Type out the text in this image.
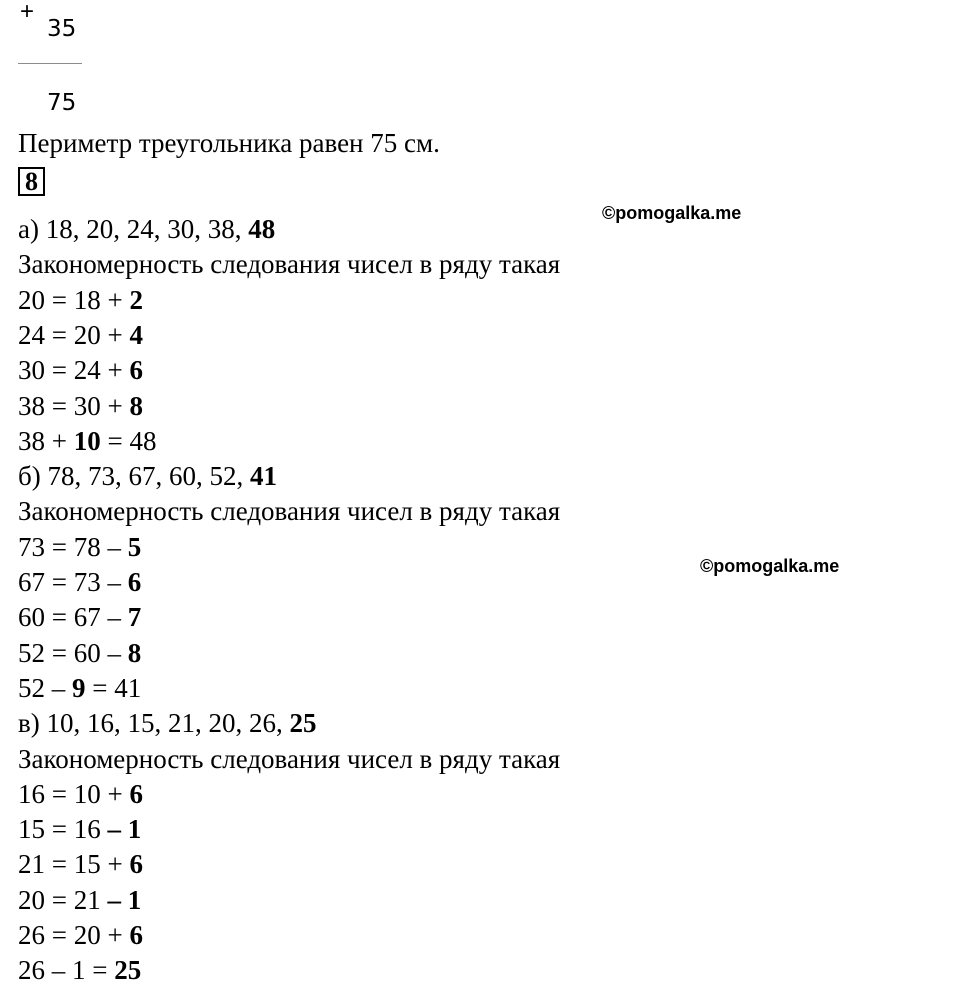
+
35
75
Периметр треугольника равен 75 см.
8
©pomogalka.me
©pomogalka.me
а) 18, 20, 24, 30, 38, 48
Закономерность следования чисел в ряду такая
20 = 18 + 2
24 = 20 + 4
30 = 24 + 6
38 = 30 + 8
38 + 10 = 48
б) 78, 73, 67, 60, 52, 41
Закономерность следования чисел в ряду такая
73 = 78 – 5
67 = 73 – 6
60 = 67 – 7
52 = 60 – 8
52 – 9 = 41
в) 10, 16, 15, 21, 20, 26, 25
Закономерность следования чисел в ряду такая
16 = 10 + 6
15 = 16 – 1
21 = 15 + 6
20 = 21 – 1
26 = 20 + 6
26 – 1 = 25
